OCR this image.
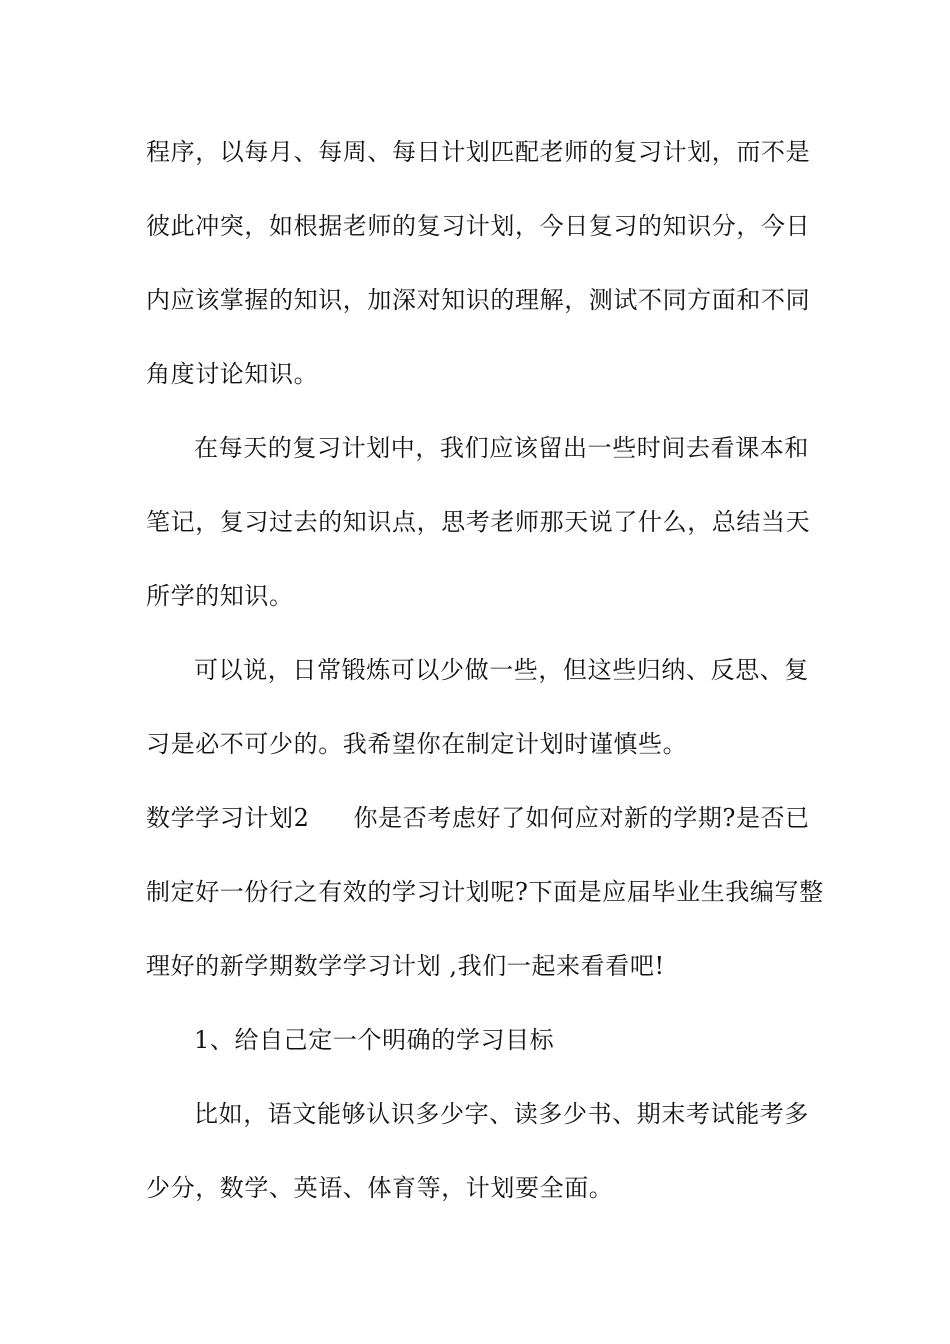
程序，以每月、每周、每日计划匹配老师的复习计划，而不是
彼此冲突，如根据老师的复习计划，今日复习的知识分，今日
内应该掌握的知识，加深对知识的理解，测试不同方面和不同
角度讨论知识。
在每天的复习计划中，我们应该留出一些时间去看课本和
笔记，复习过去的知识点，思考老师那天说了什么，总结当天
所学的知识。
可以说，日常锻炼可以少做一些，但这些归纳、反思、复
习是必不可少的。我希望你在制定计划时谨慎些。
数学学习计划2 你是否考虑好了如何应对新的学期?是否已
制定好一份行之有效的学习计划呢?下面是应届毕业生我编写整
理好的新学期数学学习计划 ,我们一起来看看吧!
1、给自己定一个明确的学习目标
比如，语文能够认识多少字、读多少书、期末考试能考多
少分，数学、英语、体育等，计划要全面。
